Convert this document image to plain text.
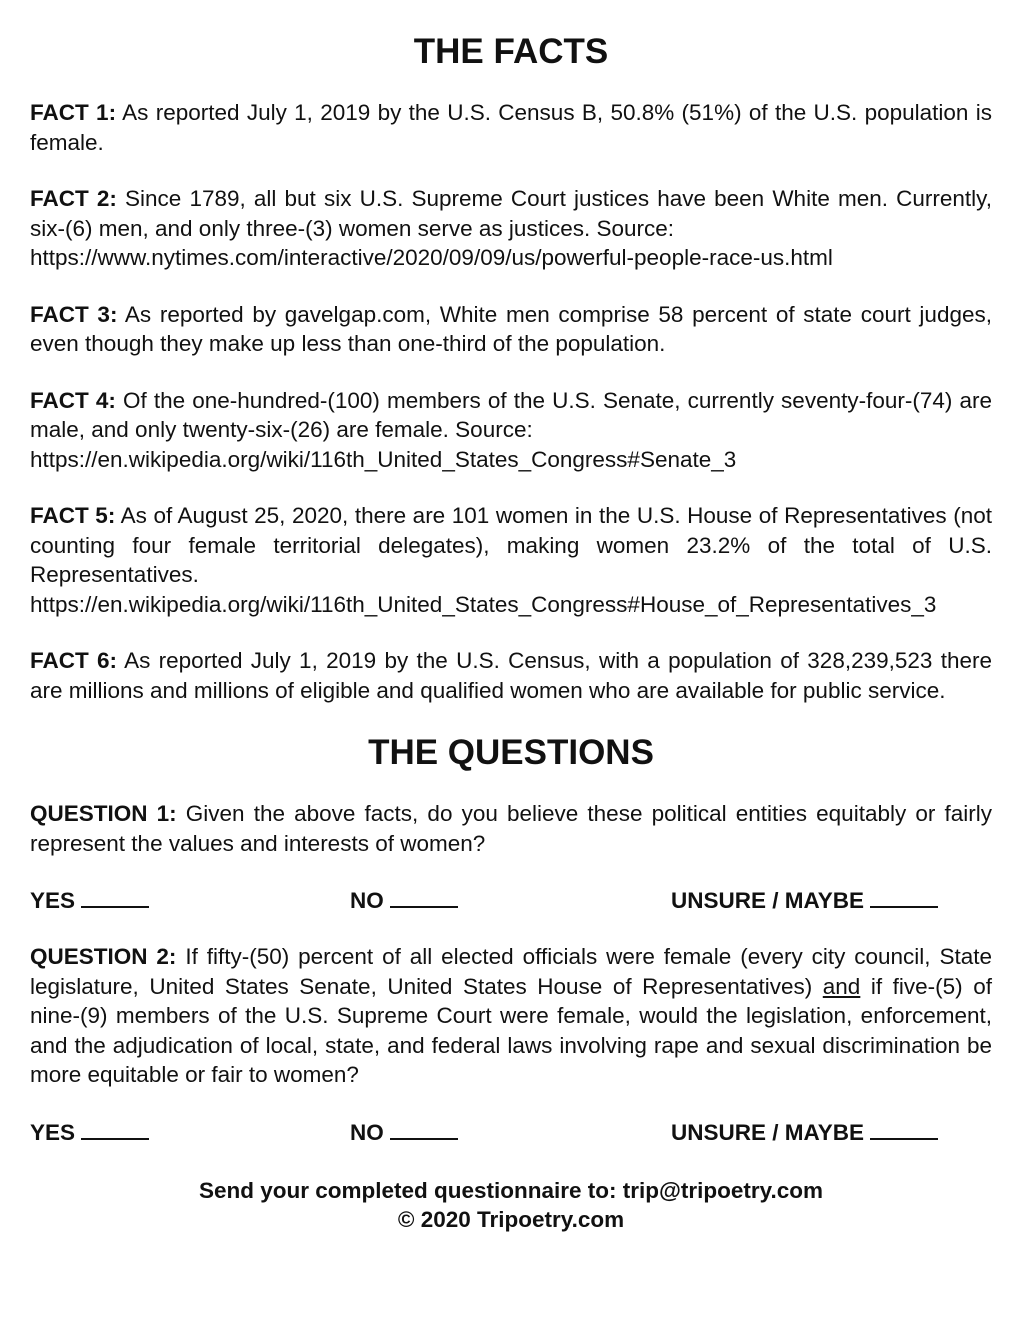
THE FACTS

FACT 1: As reported July 1, 2019 by the U.S. Census B, 50.8% (51%) of the U.S. population is female.

FACT 2: Since 1789, all but six U.S. Supreme Court justices have been White men. Currently, six-(6) men, and only three-(3) women serve as justices. Source:
https://www.nytimes.com/interactive/2020/09/09/us/powerful-people-race-us.html

FACT 3: As reported by gavelgap.com, White men comprise 58 percent of state court judges, even though they make up less than one-third of the population.

FACT 4: Of the one-hundred-(100) members of the U.S. Senate, currently seventy-four-(74) are male, and only twenty-six-(26) are female. Source:
https://en.wikipedia.org/wiki/116th_United_States_Congress#Senate_3

FACT 5: As of August 25, 2020, there are 101 women in the U.S. House of Representatives (not counting four female territorial delegates), making women 23.2% of the total of U.S. Representatives.
https://en.wikipedia.org/wiki/116th_United_States_Congress#House_of_Representatives_3

FACT 6: As reported July 1, 2019 by the U.S. Census, with a population of 328,239,523 there are millions and millions of eligible and qualified women who are available for public service.

THE QUESTIONS

QUESTION 1: Given the above facts, do you believe these political entities equitably or fairly represent the values and interests of women?

YES	NO	UNSURE / MAYBE

QUESTION 2: If fifty-(50) percent of all elected officials were female (every city council, State legislature, United States Senate, United States House of Representatives) and if five-(5) of nine-(9) members of the U.S. Supreme Court were female, would the legislation, enforcement, and the adjudication of local, state, and federal laws involving rape and sexual discrimination be more equitable or fair to women?

YES	NO	UNSURE / MAYBE
Send your completed questionnaire to: trip@tripoetry.com
© 2020 Tripoetry.com
